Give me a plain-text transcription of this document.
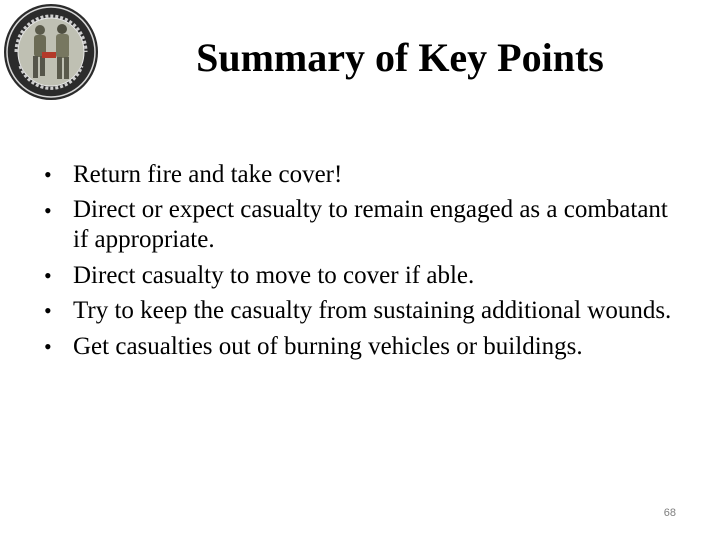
Summary of Key Points
• Return fire and take cover!
• Direct or expect casualty to remain engaged as a combatant if appropriate.
• Direct casualty to move to cover if able.
• Try to keep the casualty from sustaining additional wounds.
• Get casualties out of burning vehicles or buildings.
68
